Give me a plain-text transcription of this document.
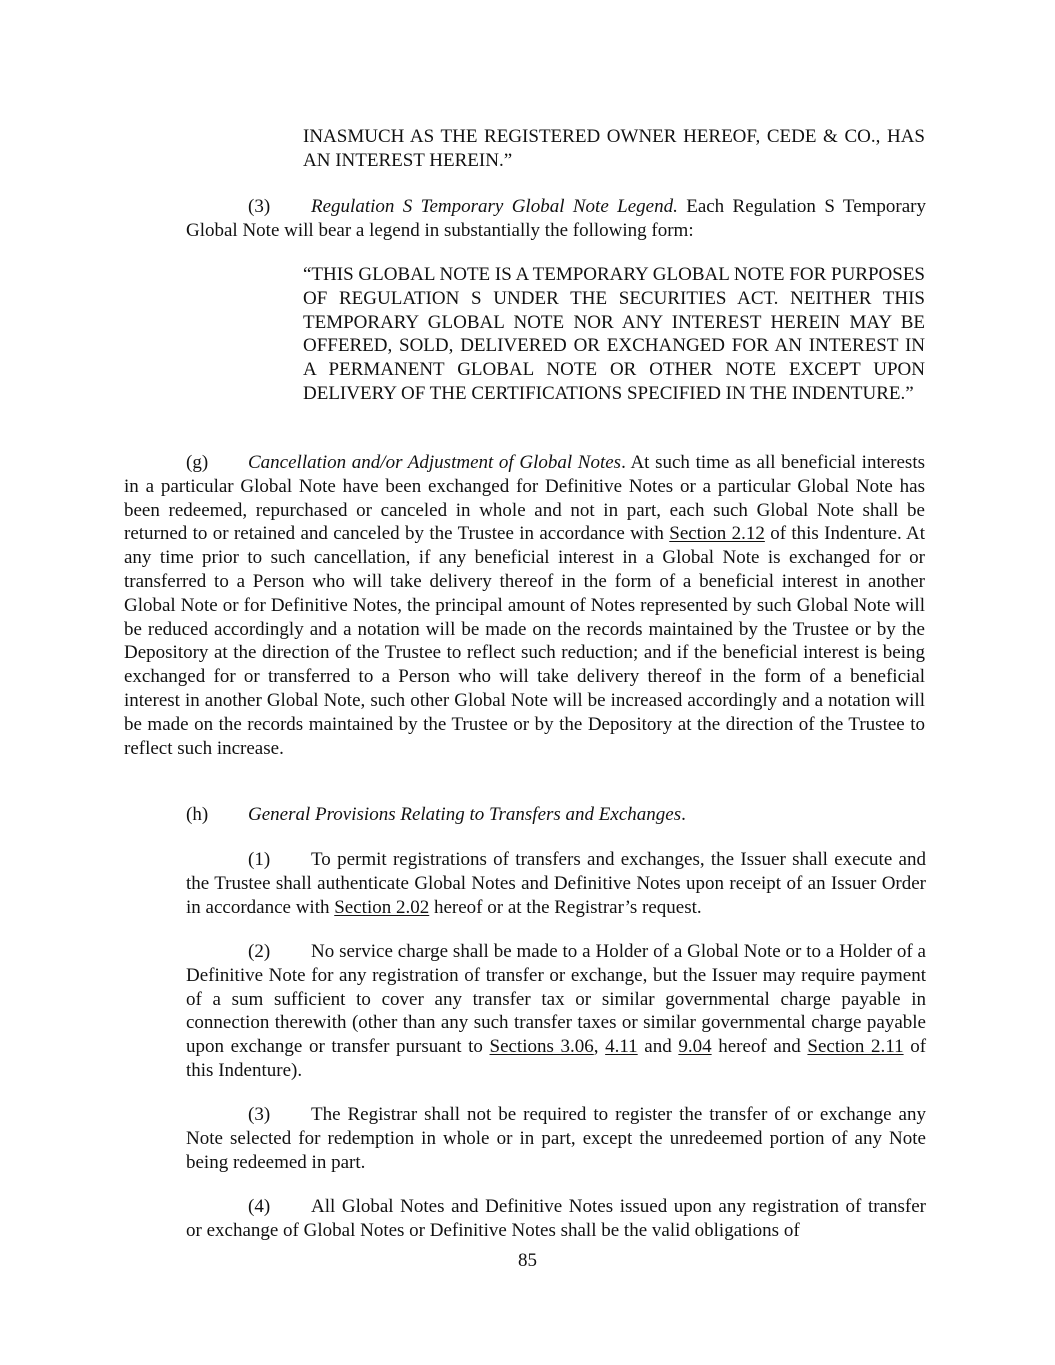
INASMUCH AS THE REGISTERED OWNER HEREOF, CEDE & CO., HAS AN INTEREST HEREIN.”

(3) Regulation S Temporary Global Note Legend. Each Regulation S Temporary Global Note will bear a legend in substantially the following form:

“THIS GLOBAL NOTE IS A TEMPORARY GLOBAL NOTE FOR PURPOSES OF REGULATION S UNDER THE SECURITIES ACT. NEITHER THIS TEMPORARY GLOBAL NOTE NOR ANY INTEREST HEREIN MAY BE OFFERED, SOLD, DELIVERED OR EXCHANGED FOR AN INTEREST IN A PERMANENT GLOBAL NOTE OR OTHER NOTE EXCEPT UPON DELIVERY OF THE CERTIFICATIONS SPECIFIED IN THE INDENTURE.”

(g) Cancellation and/or Adjustment of Global Notes. At such time as all beneficial interests in a particular Global Note have been exchanged for Definitive Notes or a particular Global Note has been redeemed, repurchased or canceled in whole and not in part, each such Global Note shall be returned to or retained and canceled by the Trustee in accordance with Section 2.12 of this Indenture. At any time prior to such cancellation, if any beneficial interest in a Global Note is exchanged for or transferred to a Person who will take delivery thereof in the form of a beneficial interest in another Global Note or for Definitive Notes, the principal amount of Notes represented by such Global Note will be reduced accordingly and a notation will be made on the records maintained by the Trustee or by the Depository at the direction of the Trustee to reflect such reduction; and if the beneficial interest is being exchanged for or transferred to a Person who will take delivery thereof in the form of a beneficial interest in another Global Note, such other Global Note will be increased accordingly and a notation will be made on the records maintained by the Trustee or by the Depository at the direction of the Trustee to reflect such increase.

(h) General Provisions Relating to Transfers and Exchanges.

(1) To permit registrations of transfers and exchanges, the Issuer shall execute and the Trustee shall authenticate Global Notes and Definitive Notes upon receipt of an Issuer Order in accordance with Section 2.02 hereof or at the Registrar’s request.

(2) No service charge shall be made to a Holder of a Global Note or to a Holder of a Definitive Note for any registration of transfer or exchange, but the Issuer may require payment of a sum sufficient to cover any transfer tax or similar governmental charge payable in connection therewith (other than any such transfer taxes or similar governmental charge payable upon exchange or transfer pursuant to Sections 3.06, 4.11 and 9.04 hereof and Section 2.11 of this Indenture).

(3) The Registrar shall not be required to register the transfer of or exchange any Note selected for redemption in whole or in part, except the unredeemed portion of any Note being redeemed in part.

(4) All Global Notes and Definitive Notes issued upon any registration of transfer or exchange of Global Notes or Definitive Notes shall be the valid obligations of

85
